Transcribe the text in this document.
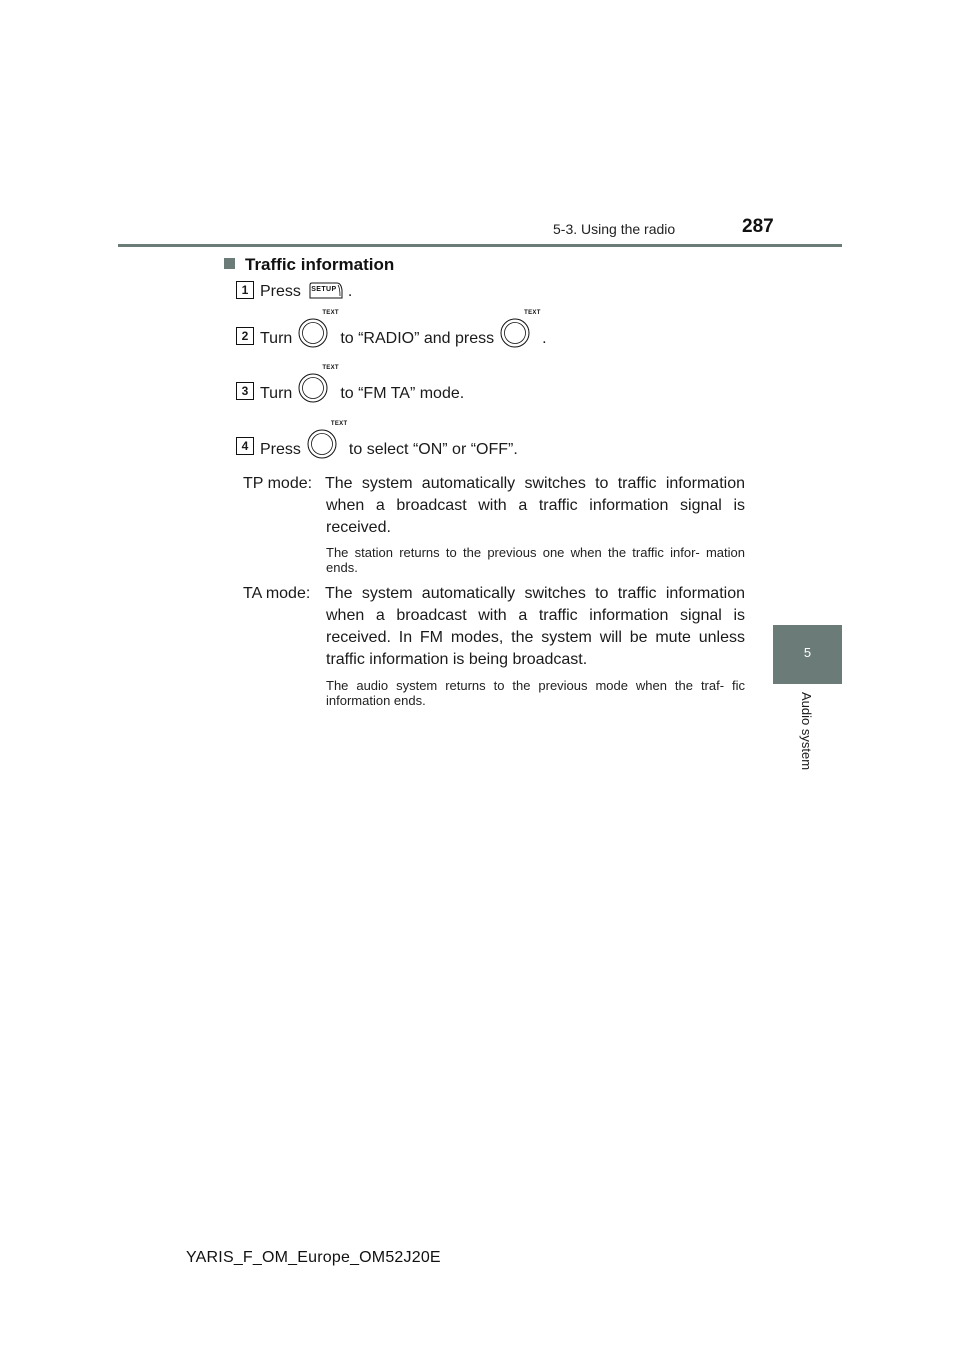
5-3. Using the radio	287
5
Audio system
Traffic information
1 Press	SETUP .
2 Turn
TEXT
to “RADIO” and press
TEXT
.
3 Turn
TEXT
to “FM TA” mode.
4 Press
TEXT
to select “ON” or “OFF”.
TP mode: The system automatically switches to traffic information
when a broadcast with a traffic information signal is received.
The station returns to the previous one when the traffic infor- mation ends.
TA mode: The system automatically switches to traffic information
when a broadcast with a traffic information signal is received. In FM modes, the system will be mute unless traffic information is being broadcast.
The audio system returns to the previous mode when the traf- fic information ends.
YARIS_F_OM_Europe_OM52J20E
